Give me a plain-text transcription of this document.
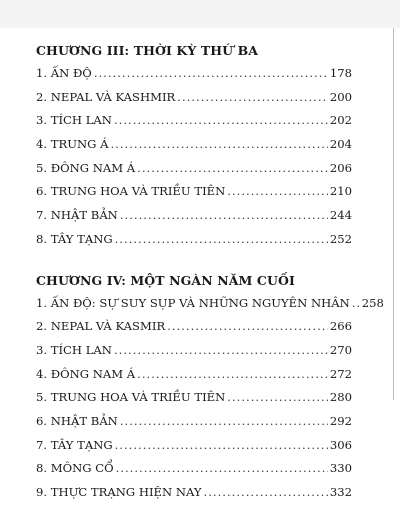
CHƯƠNG III: THỜI KỲ THỨ BA
1. ẤN ĐỘ .....	178
2. NEPAL VÀ KASHMIR .....	200
3. TÍCH LAN .....	202
4. TRUNG Á .....	204
5. ĐÔNG NAM Á .....	206
6. TRUNG HOA VÀ TRIỀU TIÊN .....	210
7. NHẬT BẢN .....	244
8. TÂY TẠNG .....	252
CHƯƠNG IV: MỘT NGÀN NĂM CUỐI
1. ẤN ĐỘ: SỰ SUY SỤP VÀ NHỮNG NGUYÊN NHÂN ..... 258
2. NEPAL VÀ KASMIR .....	266
3. TÍCH LAN .....	270
4. ĐÔNG NAM Á .....	272
5. TRUNG HOA VÀ TRIỀU TIÊN .....	280
6. NHẬT BẢN .....	292
7. TÂY TẠNG .....	306
8. MÔNG CỔ .....	330
9. THỰC TRẠNG HIỆN NAY .....	332
